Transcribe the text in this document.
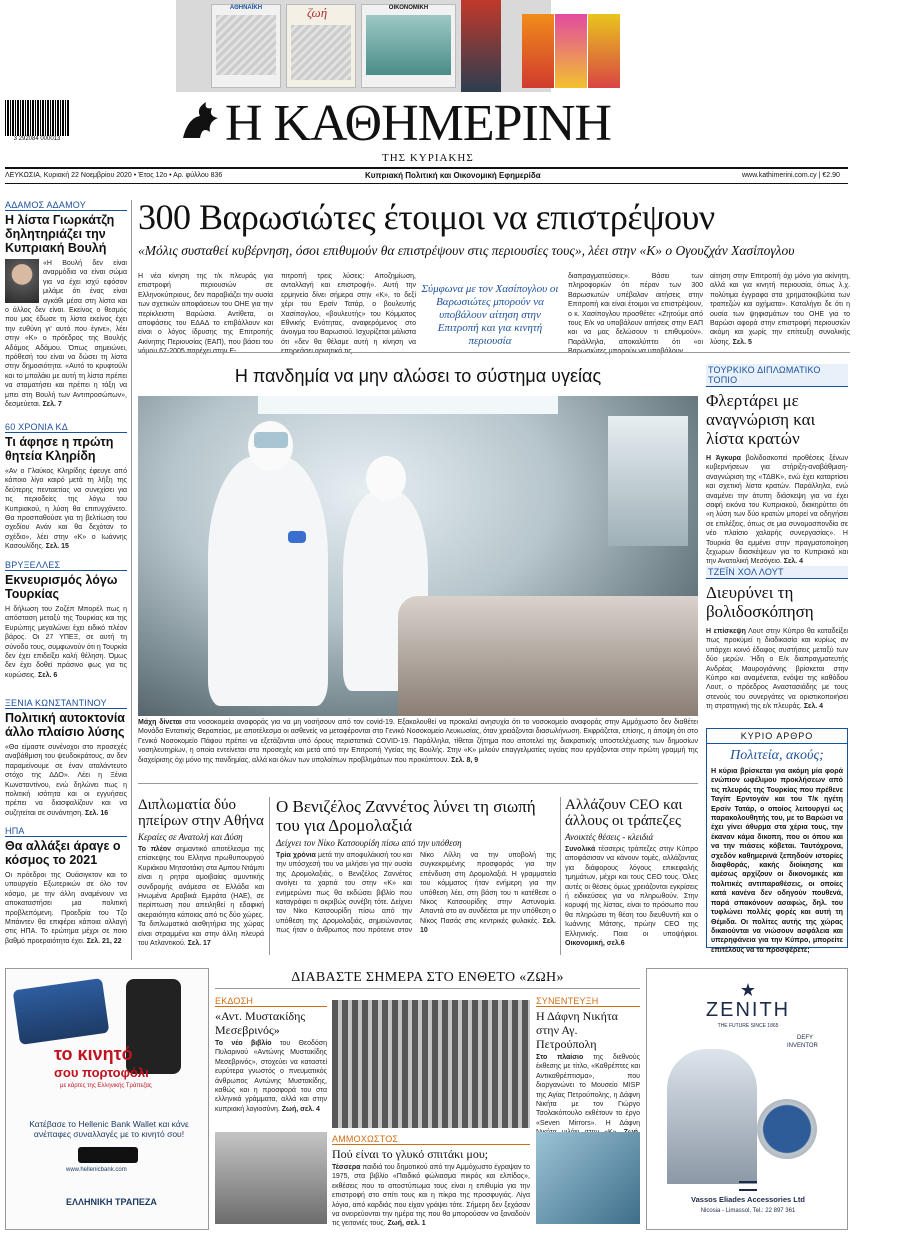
ΑΘΗΝΑΪΚΗ	ζωή	ΟΙΚΟΝΟΜΙΚΗ
3 292084 000013	Η ΚΑΘΗΜΕΡΙΝΗ
ΤΗΣ ΚΥΡΙΑΚΗΣ
ΛΕΥΚΩΣΙΑ, Κυριακή 22 Νοεμβρίου 2020 • Έτος 12ο • Αρ. φύλλου 836	Κυπριακή Πολιτική και Οικονομική Εφημερίδα	www.kathimerini.com.cy | €2.90
ΑΔΑΜΟΣ ΑΔΑΜΟΥ
Η λίστα Γιωρκάτζη δηλητηριάζει την Κυπριακή Βουλή
«Η Βουλή δεν είναι αναρμόδια να είναι σώμα για να έχει ισχύ εφόσον μιλάμε ότι ένας είναι αγκάθι μέσα στη λίστα και ο άλλος δεν είναι. Εκείνος ο θεσμός που μας έδωσε τη λίστα εκείνος έχει την ευθύνη γι' αυτό που έγινε», λέει στην «Κ» ο πρόεδρος της Βουλής Αδάμος Αδάμου. Όπως σημειώνει, πρόθεσή του είναι να δώσει τη λίστα στην δημοσιότητα. «Αυτό το κρυφτούλι και το μπαλάκι με αυτή τη λίστα πρέπει να σταματήσει και πρέπει η τάξη να μπει στη Βουλή των Αντιπροσώπων», δεσμεύεται. Σελ. 7
60 ΧΡΟΝΙΑ ΚΔ
Τι άφησε η πρώτη θητεία Κληρίδη
«Αν ο Γλαύκος Κληρίδης έφευγε από κάποιο λίγο καιρό μετά τη λήξη της δεύτερης πενταετίας να συνεχίσει για τις περιοδείες της λόγω του Κυπριακού, η λύση θα επιτυγχάνετο. Θα προσπαθούσε για τη βελτίωση του σχεδίου Ανάν και θα δεχόταν το σχέδιο», λέει στην «Κ» ο Ιωάννης Κασουλίδης. Σελ. 15
ΒΡΥΞΕΛΛΕΣ
Εκνευρισμός λόγω Τουρκίας
Η δήλωση του Ζοζέπ Μπορέλ πως η απόσταση μεταξύ της Τουρκίας και της Ευρώπης μεγαλώνει έχει ειδικό πλέον βάρος. Οι 27 ΥΠΕΞ, σε αυτή τη σύνοδο τους, συμφωνούν ότι η Τουρκία δεν έχει επιδείξει καλή θέληση. Όμως δεν έχει δοθεί πράσινο φως για τις κυρώσεις. Σελ. 6
ΞΕΝΙΑ ΚΩΝΣΤΑΝΤΙΝΟΥ
Πολιτική αυτοκτονία άλλο πλαίσιο λύσης
«Θα είμαστε συνένοχοι στο προσεχές αναβάθμιση του ψευδοκράτους, αν δεν παραμείνουμε σε έναν αταλάντευτο στόχο της ΔΔΟ». Λέει η Ξένια Κωνσταντίνου, ενώ δηλώνει πως η πολιτική ισότητα και οι εγγυήσεις πρέπει να διασφαλίζουν και να συζητείται σε συνάντηση. Σελ. 16
ΗΠΑ
Θα αλλάξει άραγε ο κόσμος το 2021
Οι πρόεδροι της Ουάσιγκτον και το υπουργείο Εξωτερικών σε όλο τον κόσμο, με την άλλη αναμένουν να αποκαταστήσει μια πολιτική προβλεπόμενη. Προεδρία του Τζο Μπάιντεν θα επιφέρει κάποια αλλαγή στις ΗΠΑ. Το ερώτημα μέχρι σε ποιο βαθμό προεραιότητα έχει. Σελ. 21, 22
300 Βαρωσιώτες έτοιμοι να επιστρέψουν
«Μόλις συσταθεί κυβέρνηση, όσοι επιθυμούν θα επιστρέψουν στις περιουσίες τους», λέει στην «Κ» ο Ογουζχάν Χασίπογλου
Η νέα κίνηση της τ/κ πλευράς για επιστροφή περιουσιών σε Ελληνοκύπριους, δεν παραβιάζει την ουσία των σχετικών αποφάσεων του ΟΗΕ για την περίκλειστη Βαρώσια. Αντίθετα, οι αποφάσεις του ΕΔΑΔ το επιβάλλουν και είναι ο λόγος ίδρυσης της Επιτροπής Ακίνητης Περιουσίας (ΕΑΠ), που βάσει του
πιτροπή τρεις λύσεις: Αποζημίωση, ανταλλαγή και επιστροφή». Αυτή την ερμηνεία δίνει σήμερα στην «Κ», το δεξί χέρι του Ερσίν Τατάρ, ο βουλευτής Χασίπογλου, «βουλευτής» του Κόμματος Εθνικής Ενότητας, αναφερόμενος στο άνοιγμα του Βαρωσιού. Ισχυρίζεται μάλιστα ότι «δεν θα θέλαμε αυτή η κίνηση να
Σύμφωνα με τον Χασίπογλου οι Βαρωσιώτες μπορούν να υποβάλουν αίτηση στην Επιτροπή και για κινητή περιουσία
διαπραγματεύσεις». Βάσει των πληροφοριών ότι πέραν των 300 Βαρωσιωτών υπέβαλαν αιτήσεις στην Επιτροπή και είναι έτοιμοι να επιστρέψουν, ο κ. Χασίπογλου προσθέτει: «Ζητούμε από τους Ε/κ να υποβάλουν αιτήσεις στην ΕΑΠ και να μας δελώσουν τι επιθυμούν». Παράλληλα, αποκαλύπτει ότι «οι
αίτηση στην Επιτροπή όχι μόνο για ακίνητη, αλλά και για κινητή περιουσία, όπως λ.χ. πολύτιμα έγγραφα στα χρηματοκιβώτια των τραπεζών και οχήματα». Καταλήγει δε ότι η ουσία των ψηφισμάτων του ΟΗΕ για το Βαρώσι αφορά στην επιστροφή περιουσιών ακόμη και χωρίς την επίτευξη συνολικής λύσης. Σελ. 5
Η πανδημία να μην αλώσει το σύστημα υγείας
Μάχη δίνεται στα νοσοκομεία αναφοράς για να μη νοσήσουν από τον covid-19. Εξακολουθεί να προκαλεί ανησυχία ότι το νοσοκομείο αναφοράς στην Αμμόχωστο δεν διαθέτει Μονάδα Εντατικής Θεραπείας, με αποτέλεσμα οι ασθενείς να μεταφέρονται στο Γενικό Νοσοκομείο Λευκωσίας, όταν χρειάζονται διασωλήνωση. Εκφράζεται, επίσης, η άποψη ότι στο Γενικό Νοσοκομείο Πάφου πρέπει να εξετάζονται υπό όρους περιστατικά COVID-19. Παράλληλα, τίθεται ζήτημα που αποτελεί της διακρατικής υποστελέχωσης των δημοσίων νοσηλευτηρίων, η οποία εντείνεται στο προσεχές και μετά από την Επιτροπή Υγείας της Βουλής. Στην «Κ» μιλούν επαγγελματίες υγείας που εργάζονται στην πρώτη γραμμή της διαχείρισης όχι μόνο της πανδημίας, αλλά και όλων των υπολοίπων προβλημάτων που προκύπτουν. Σελ. 8, 9
ΤΟΥΡΚΙΚΟ ΔΙΠΛΩΜΑΤΙΚΟ ΤΟΠΙΟ
Φλερτάρει με αναγνώριση και λίστα κρατών
Η Άγκυρα βολιδοσκοπεί προθέσεις ξένων κυβερνήσεων για στήριξη-αναβάθμιση-αναγνώριση της «ΤΔΒΚ», ενώ έχει καταρτίσει και σχετική λίστα κρατών. Παράλληλα, ενώ αναμένει την άτυπη διάσκεψη για να έχει σαφή εικόνα του Κυπριακού, διακηρύττει ότι «η λύση των δύο κρατών μπορεί να οδηγήσει σε επιλέξεις, όπως σε μια συνομοσπονδία σε νέο πλαίσιο χαλαρής συνεργασίας». Η Τουρκία θα εμμένει στην πραγματοποίηση ξεχωρων διασκέψεων για το Κυπριακό και την Ανατολική Μεσόγειο. Σελ. 4
ΤΖΕΪΝ ΧΟΛ ΛΟΥΤ
Διευρύνει τη βολιδοσκόπηση
Η επίσκεψη Λουτ στην Κύπρο θα καταδείξει πως προκύμεί η διαδικασία και κυρίως αν υπάρχει κοινό έδαφος συστήσεις μεταξύ των δύο μερών. Ήδη ο Ε/κ διαπραγματευτής Ανδρέας Μαυρογιάννης βρίσκεται στην Κύπρο και αναμένεται, ενόψει της καθόδου Λουτ, ο πρόεδρος Αναστασιάδης με τους στενούς του συνεργάτες να οριστικοποιήσει τη στρατηγική της ε/κ πλευράς. Σελ. 4
ΚΥΡΙΟ ΑΡΘΡΟ
Πολιτεία, ακούς;
Η κύρια βρίσκεται για ακόμη μία φορά ενώπιον ωφέλιμου προκλήσεων από τις πλευράς της Τουρκίας που πρέθενε Ταγίπ Ερντογάν και του Τ/κ ηγέτη Ερσίν Τατάρ, ο οποίος λειτουργεί ως παρακολουθητής του, με το Βαρώσι να έχει γίνει άθυρμα στα χέρια τους, την έκαναν κάμα δικοπη, που οι όπου και να την πιάσεις κόβεται. Ταυτόχρονα, σχεδόν καθημερινά ξεπηδούν ιστορίες διαφθοράς, κακής διοίκησης και αμέσως αρχίζουν οι δικονομικές και πολιτικές αντιπαραθέσεις, οι οποίες κατά κανένα δεν οδηγούν πουθενά, παρά σπακόνουν ασαφώς, δηλ. του τυφλώνει πολλές φορές και αυτή τη Θέμιδα. Οι πολίτες αυτής της χώρας δικαιούνται να νιώσουν ασφάλεια και υπερηφάνεια για την Κύπρο, μπορείτε επιτέλους να τα προσφέρετε;
Διπλωματία δύο ηπείρων στην Αθήνα
Κεραίες σε Ανατολή και Δύση
Το πλέον σημαντικό αποτέλεσμα της επίσκεψης του Ελληνα πρωθυπουργού Κυριάκου Μητσοτάκη στα Αμπου Ντάμπι είναι η ρητρα αμοιβαίας αμυντικής συνδρομής ανάμεσα σε Ελλάδα και Ηνωμένα Αραβικά Εμιράτα (ΗΑΕ), σε περίπτωση που απειληθεί η εδαφική ακεραιότητα κάποιας από τις δύο χώρες. Τα διπλωματικά αισθητήρια της χώρας είναι στραμμένα και στην άλλη πλευρά του Ατλαντικού. Σελ. 17
Ο Βενιζέλος Ζαννέτος λύνει τη σιωπή του για Δρομολαξιά
Δείχνει τον Νίκο Κατσουρίδη πίσω από την υπόθεση
Τρία χρόνια μετά την αποφυλάκισή του και την υπόσχεσή του να μιλήσει για την ουσία της Δρομολαξιάς, ο Βενιζέλος Ζαννέτος ανοίγει τα χαρτιά του στην «Κ» και ενημερώνει πως θα εκδώσει βιβλίο που καταγράφει τι ακριβώς συνέβη τότε. Δείχνει τον Νίκο Κατσουρίδη πίσω από την υπόθεση της Δρομολαξιάς, σημειώνοντας πως ήταν ο άνθρωπος που πρότεινε στον Νίκο Λίλλη να την υποβολή της συγκεκριμένης προσφοράς για την επένδυση στη Δρομολαξιά. Η γραμματεία του κόμματος ήταν ενήμερη για την υπόθεση λέει, στη βάση του τι κατέθεσε ο Νίκος Κατσουρίδης στην Αστυνομία. Απαντά στο αν συνδέεται με την υπόθεση ο Νίκος Πασάς στις κεντρικές φυλακές. Σελ. 10
Αλλάζουν CEO και άλλους οι τράπεζες
Ανοικτές θέσεις - κλειδιά
Συνολικά τέσσερις τράπεζες στην Κύπρο αποφάσισαν να κάνουν τομές, αλλάζοντας για διάφορους λόγους επικεφαλής τμημάτων, μέχρι και τους CEO τους. Όλες αυτές οι θέσεις όμως χρειάζονται εγκρίσεις ή ειδικεύσεις για να πληρωθούν. Στην κορυφή της λίστας, είναι το πρόσωπο που θα πληρώσει τη θέση του διευθυντή και ο Ιωάννης Μάτσης, πρώην CEO της Ελληνικής. Ποια οι υποψήφιοι. Οικονομική, σελ.6
το κινητό
σου πορτοφόλι
με κάρτες της Ελληνικής Τράπεζας
Κατέβασε το Hellenic Bank Wallet και κάνε ανέπαφες συναλλαγές με το κινητό σου!
www.hellenicbank.com
ΕΛΛΗΝΙΚΗ ΤΡΑΠΕΖΑ
ΔΙΑΒΑΣΤΕ ΣΗΜΕΡΑ ΣΤΟ ΕΝΘΕΤΟ «ΖΩΗ»
ΕΚΔΟΣΗ
«Αντ. Μυστακίδης Μεσεβρινός»
Το νέο βιβλίο του Θεοδόση Πυλαρινού «Αντώνης Μυστακίδης Μεσεβρινός», στοχεύει να καταστεί ευρύτερα γνωστός ο πνευματικός άνθρωπος Αντώνης Μυστακίδης, καθώς και η προσφορά του στα ελληνικά γράμματα, αλλά και στην κυπριακή λογιοσύνη. Ζωή, σελ. 4
ΑΜΜΟΧΩΣΤΟΣ
Πού είναι το γλυκό σπιτάκι μου;
Τέσσερα παιδιά του δημοτικού από την Αμμόχωστο έγραψαν το 1975, στα βιβλίο «Παιδικό φώλιασμα πικρός και ελπίδος», εκθέσεις που το αποστύπωμα τους είναι η επιθυμία για την επιστροφή στο σπίτι τους και η πίκρα της προσφυγιάς. Λίγα λόγια, από καρδιάς που είχαν γράψει τότε. Σήμερη δεν ξεχάσαν να ονειρεύονται την ημέρα της που θα μπορούσαν να ξαναδούν τις γειτονιές τους. Ζωή, σελ. 1
ΣΥΝΕΝΤΕΥΞΗ
Η Δάφνη Νικήτα στην Αγ. Πετρούπολη
Στο πλαίσιο της διεθνούς έκθεσης με τίτλο, «Καθρέπτες και Αντικαθρέπτισμα», που διοργανώνει το Μουσείο MISP της Αγίας Πετρούπολης, η Δάφνη Νικήτα με τον Γιώργο Τσολακόπουλο εκθέτουν το έργο «Seven Mirrors». Η Δάφνη
★
ZENITH
THE FUTURE SINCE 1865
DEFY
INVENTOR
Vassos Eliades Accessories Ltd
Nicosia - Limassol, Tel.: 22 897 361
